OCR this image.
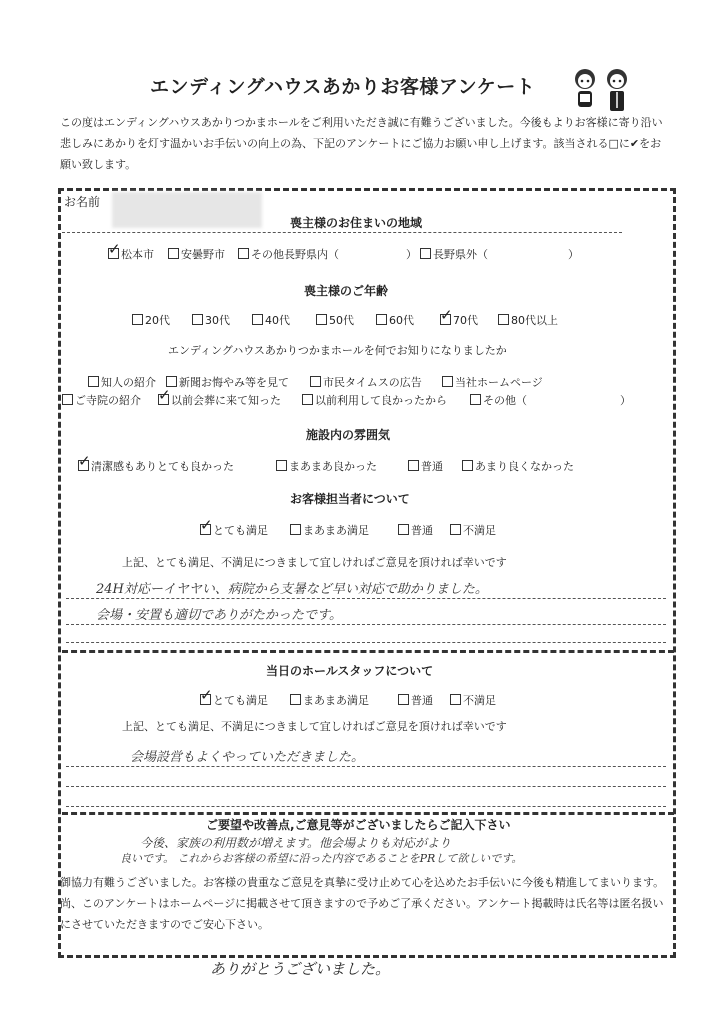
エンディングハウスあかりお客様アンケート
この度はエンディングハウスあかりつかまホールをご利用いただき誠に有難うございました。今後もよりお客様に寄り沿い悲しみにあかりを灯す温かいお手伝いの向上の為、下記のアンケートにご協力お願い申し上げます。該当される□に✔をお願い致します。
お名前
喪主様のお住まいの地域
✓松本市	安曇野市	その他長野県内（	）	長野県外（	）
喪主様のご年齢
20代	30代	40代	50代	60代 ✓	70代	80代以上
エンディングハウスあかりつかまホールを何でお知りになりましたか
知人の紹介	新聞お悔やみ等を見て	市民タイムスの広告	当社ホームページ
ご寺院の紹介 ✓	以前会葬に来て知った	以前利用して良かったから	その他（	）
施設内の雰囲気
✓清潔感もありとても良かった	まあまあ良かった	普通	あまり良くなかった
お客様担当者について
✓とても満足	まあまあ満足	普通	不満足
上記、とても満足、不満足につきまして宜しければご意見を頂ければ幸いです
24H対応ーイヤヤい、病院から支暑など早い対応で助かりました。
会場・安置も適切でありがたかったです。
当日のホールスタッフについて
✓とても満足	まあまあ満足	普通	不満足
上記、とても満足、不満足につきまして宜しければご意見を頂ければ幸いです
会場設営もよくやっていただきました。
ご要望や改善点,ご意見等がございましたらご記入下さい
今後、家族の利用数が増えます。他会場よりも対応がより
良いです。 これからお客様の希望に沿った内容であることをPRして欲しいです。
御協力有難うございました。お客様の貴重なご意見を真摯に受け止めて心を込めたお手伝いに今後も精進してまいります。尚、このアンケートはホームページに掲載させて頂きますので予めご了承ください。アンケート掲載時は氏名等は匿名扱いにさせていただきますのでご安心下さい。
ありがとうございました。
